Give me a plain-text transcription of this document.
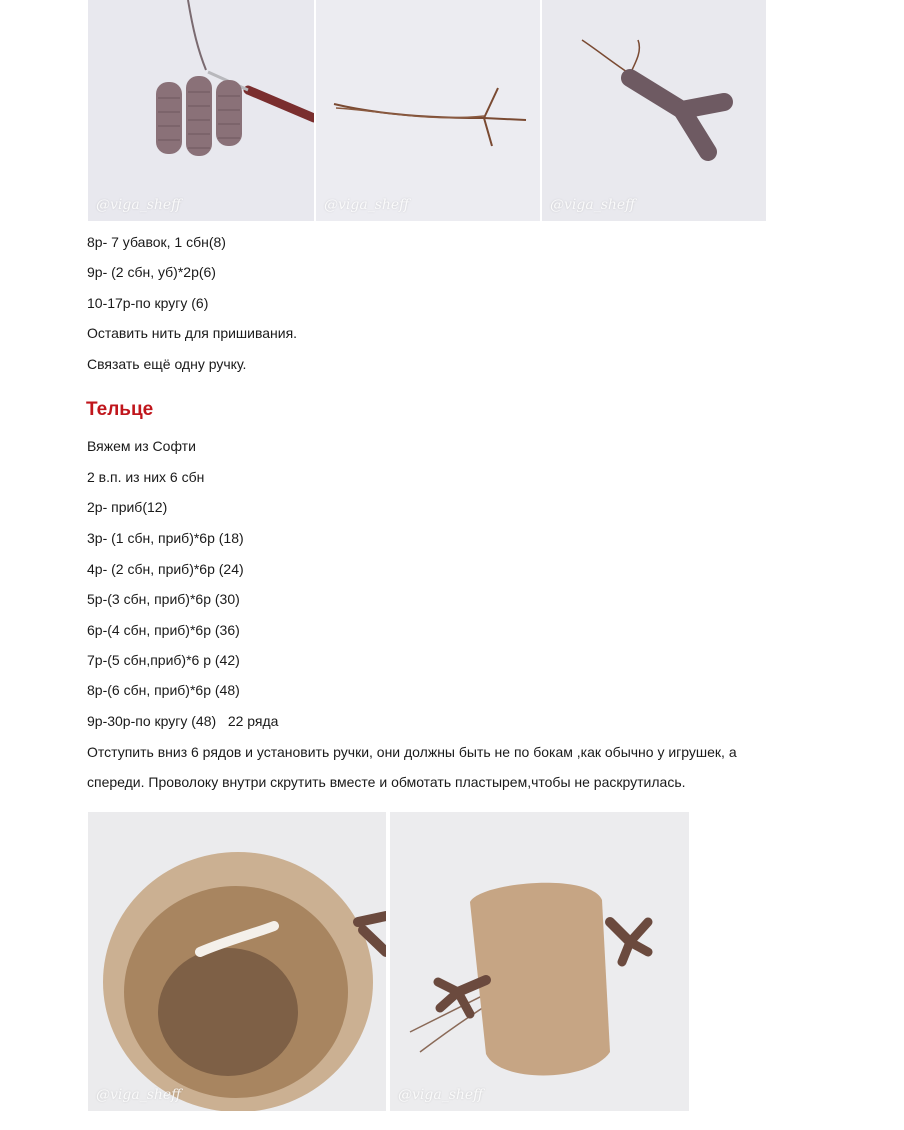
@viga_sheff	@viga_sheff	@viga_sheff
8р- 7 убавок, 1 сбн(8)
9р- (2 сбн, уб)*2р(6)
10-17р-по кругу (6)
Оставить нить для пришивания.
Связать ещё одну ручку.
Тельце
Вяжем из Софти
2 в.п. из них 6 сбн
2р- приб(12)
3р- (1 сбн, приб)*6р (18)
4р- (2 сбн, приб)*6р (24)
5р-(3 сбн, приб)*6р (30)
6р-(4 сбн, приб)*6р (36)
7р-(5 сбн,приб)*6 р (42)
8р-(6 сбн, приб)*6р (48)
9р-30р-по кругу (48)   22 ряда
Отступить вниз 6 рядов и установить ручки, они должны быть не по бокам ,как обычно у игрушек, а
спереди. Проволоку внутри скрутить вместе и обмотать пластырем,чтобы не раскрутилась.
@viga_sheff	@viga_sheff
